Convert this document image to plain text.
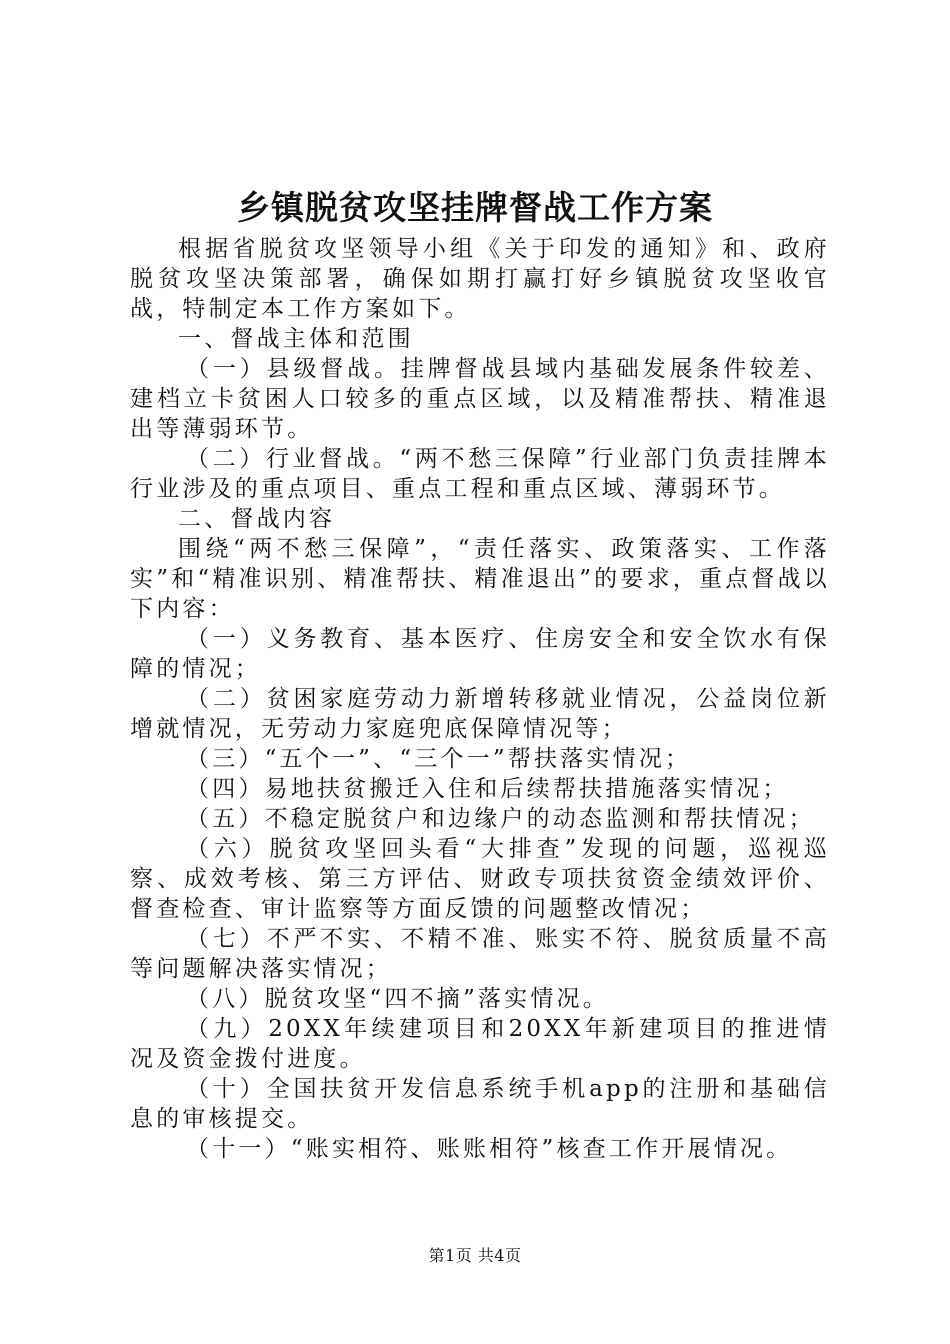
乡镇脱贫攻坚挂牌督战工作方案

根据省脱贫攻坚领导小组《关于印发的通知》和、政府脱贫攻坚决策部署，确保如期打赢打好乡镇脱贫攻坚收官战，特制定本工作方案如下。

一、督战主体和范围

（一）县级督战。挂牌督战县域内基础发展条件较差、建档立卡贫困人口较多的重点区域，以及精准帮扶、精准退出等薄弱环节。

（二）行业督战。“两不愁三保障”行业部门负责挂牌本行业涉及的重点项目、重点工程和重点区域、薄弱环节。

二、督战内容

围绕“两不愁三保障”，“责任落实、政策落实、工作落实”和“精准识别、精准帮扶、精准退出”的要求，重点督战以下内容：

（一）义务教育、基本医疗、住房安全和安全饮水有保障的情况；

（二）贫困家庭劳动力新增转移就业情况，公益岗位新增就情况，无劳动力家庭兜底保障情况等；

（三）“五个一”、“三个一”帮扶落实情况；

（四）易地扶贫搬迁入住和后续帮扶措施落实情况；

（五）不稳定脱贫户和边缘户的动态监测和帮扶情况；

（六）脱贫攻坚回头看“大排查”发现的问题，巡视巡察、成效考核、第三方评估、财政专项扶贫资金绩效评价、督查检查、审计监察等方面反馈的问题整改情况；

（七）不严不实、不精不准、账实不符、脱贫质量不高等问题解决落实情况；

（八）脱贫攻坚“四不摘”落实情况。

（九）20XX年续建项目和20XX年新建项目的推进情况及资金拨付进度。

（十）全国扶贫开发信息系统手机app的注册和基础信息的审核提交。

（十一）“账实相符、账账相符”核查工作开展情况。

第1页 共4页
